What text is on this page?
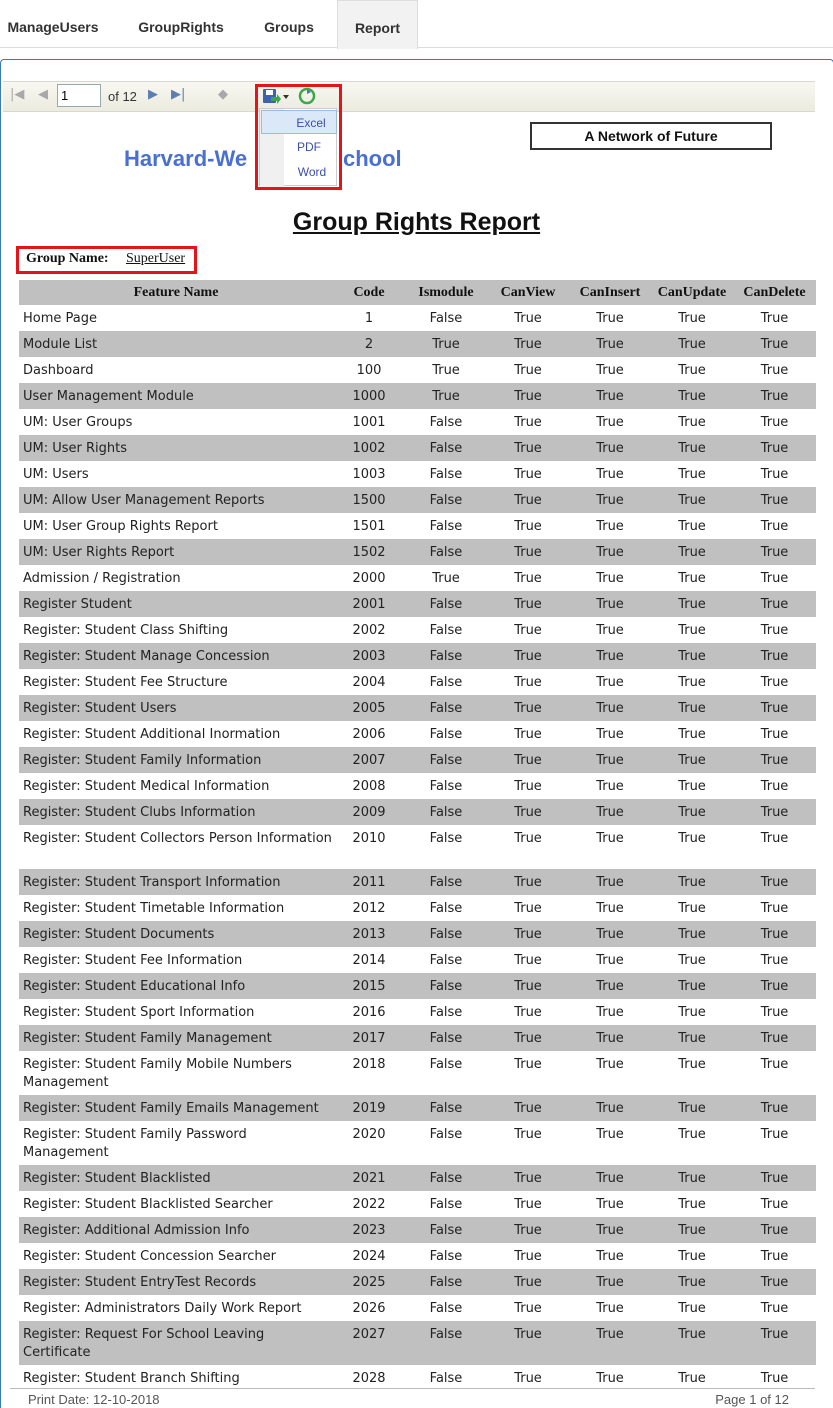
ManageUsers	GroupRights	Groups	Report
|◀ ◀
1	of 12 ▶ ▶|	◆
Excel
PDF
Word
Harvard-We	chool
A Network of Future
Group Rights Report
Group Name: SuperUser
Feature Name	Code	Ismodule	CanView	CanInsert	CanUpdate	CanDelete
Home Page	1	False	True	True	True	True
Module List	2	True	True	True	True	True
Dashboard	100	True	True	True	True	True
User Management Module	1000	True	True	True	True	True
UM: User Groups	1001	False	True	True	True	True
UM: User Rights	1002	False	True	True	True	True
UM: Users	1003	False	True	True	True	True
UM: Allow User Management Reports	1500	False	True	True	True	True
UM: User Group Rights Report	1501	False	True	True	True	True
UM: User Rights Report	1502	False	True	True	True	True
Admission / Registration	2000	True	True	True	True	True
Register Student	2001	False	True	True	True	True
Register: Student Class Shifting	2002	False	True	True	True	True
Register: Student Manage Concession	2003	False	True	True	True	True
Register: Student Fee Structure	2004	False	True	True	True	True
Register: Student Users	2005	False	True	True	True	True
Register: Student Additional Inormation	2006	False	True	True	True	True
Register: Student Family Information	2007	False	True	True	True	True
Register: Student Medical Information	2008	False	True	True	True	True
Register: Student Clubs Information	2009	False	True	True	True	True
Register: Student Collectors Person Information	2010	False	True	True	True	True
Register: Student Transport Information	2011	False	True	True	True	True
Register: Student Timetable Information	2012	False	True	True	True	True
Register: Student Documents	2013	False	True	True	True	True
Register: Student Fee Information	2014	False	True	True	True	True
Register: Student Educational Info	2015	False	True	True	True	True
Register: Student Sport Information	2016	False	True	True	True	True
Register: Student Family Management	2017	False	True	True	True	True
Register: Student Family Mobile Numbers Management	2018	False	True	True	True	True
Register: Student Family Emails Management	2019	False	True	True	True	True
Register: Student Family Password Management	2020	False	True	True	True	True
Register: Student Blacklisted	2021	False	True	True	True	True
Register: Student Blacklisted Searcher	2022	False	True	True	True	True
Register: Additional Admission Info	2023	False	True	True	True	True
Register: Student Concession Searcher	2024	False	True	True	True	True
Register: Student EntryTest Records	2025	False	True	True	True	True
Register: Administrators Daily Work Report	2026	False	True	True	True	True
Register: Request For School Leaving Certificate	2027	False	True	True	True	True
Register: Student Branch Shifting	2028	False	True	True	True	True
Print Date: 12-10-2018	Page 1 of 12
